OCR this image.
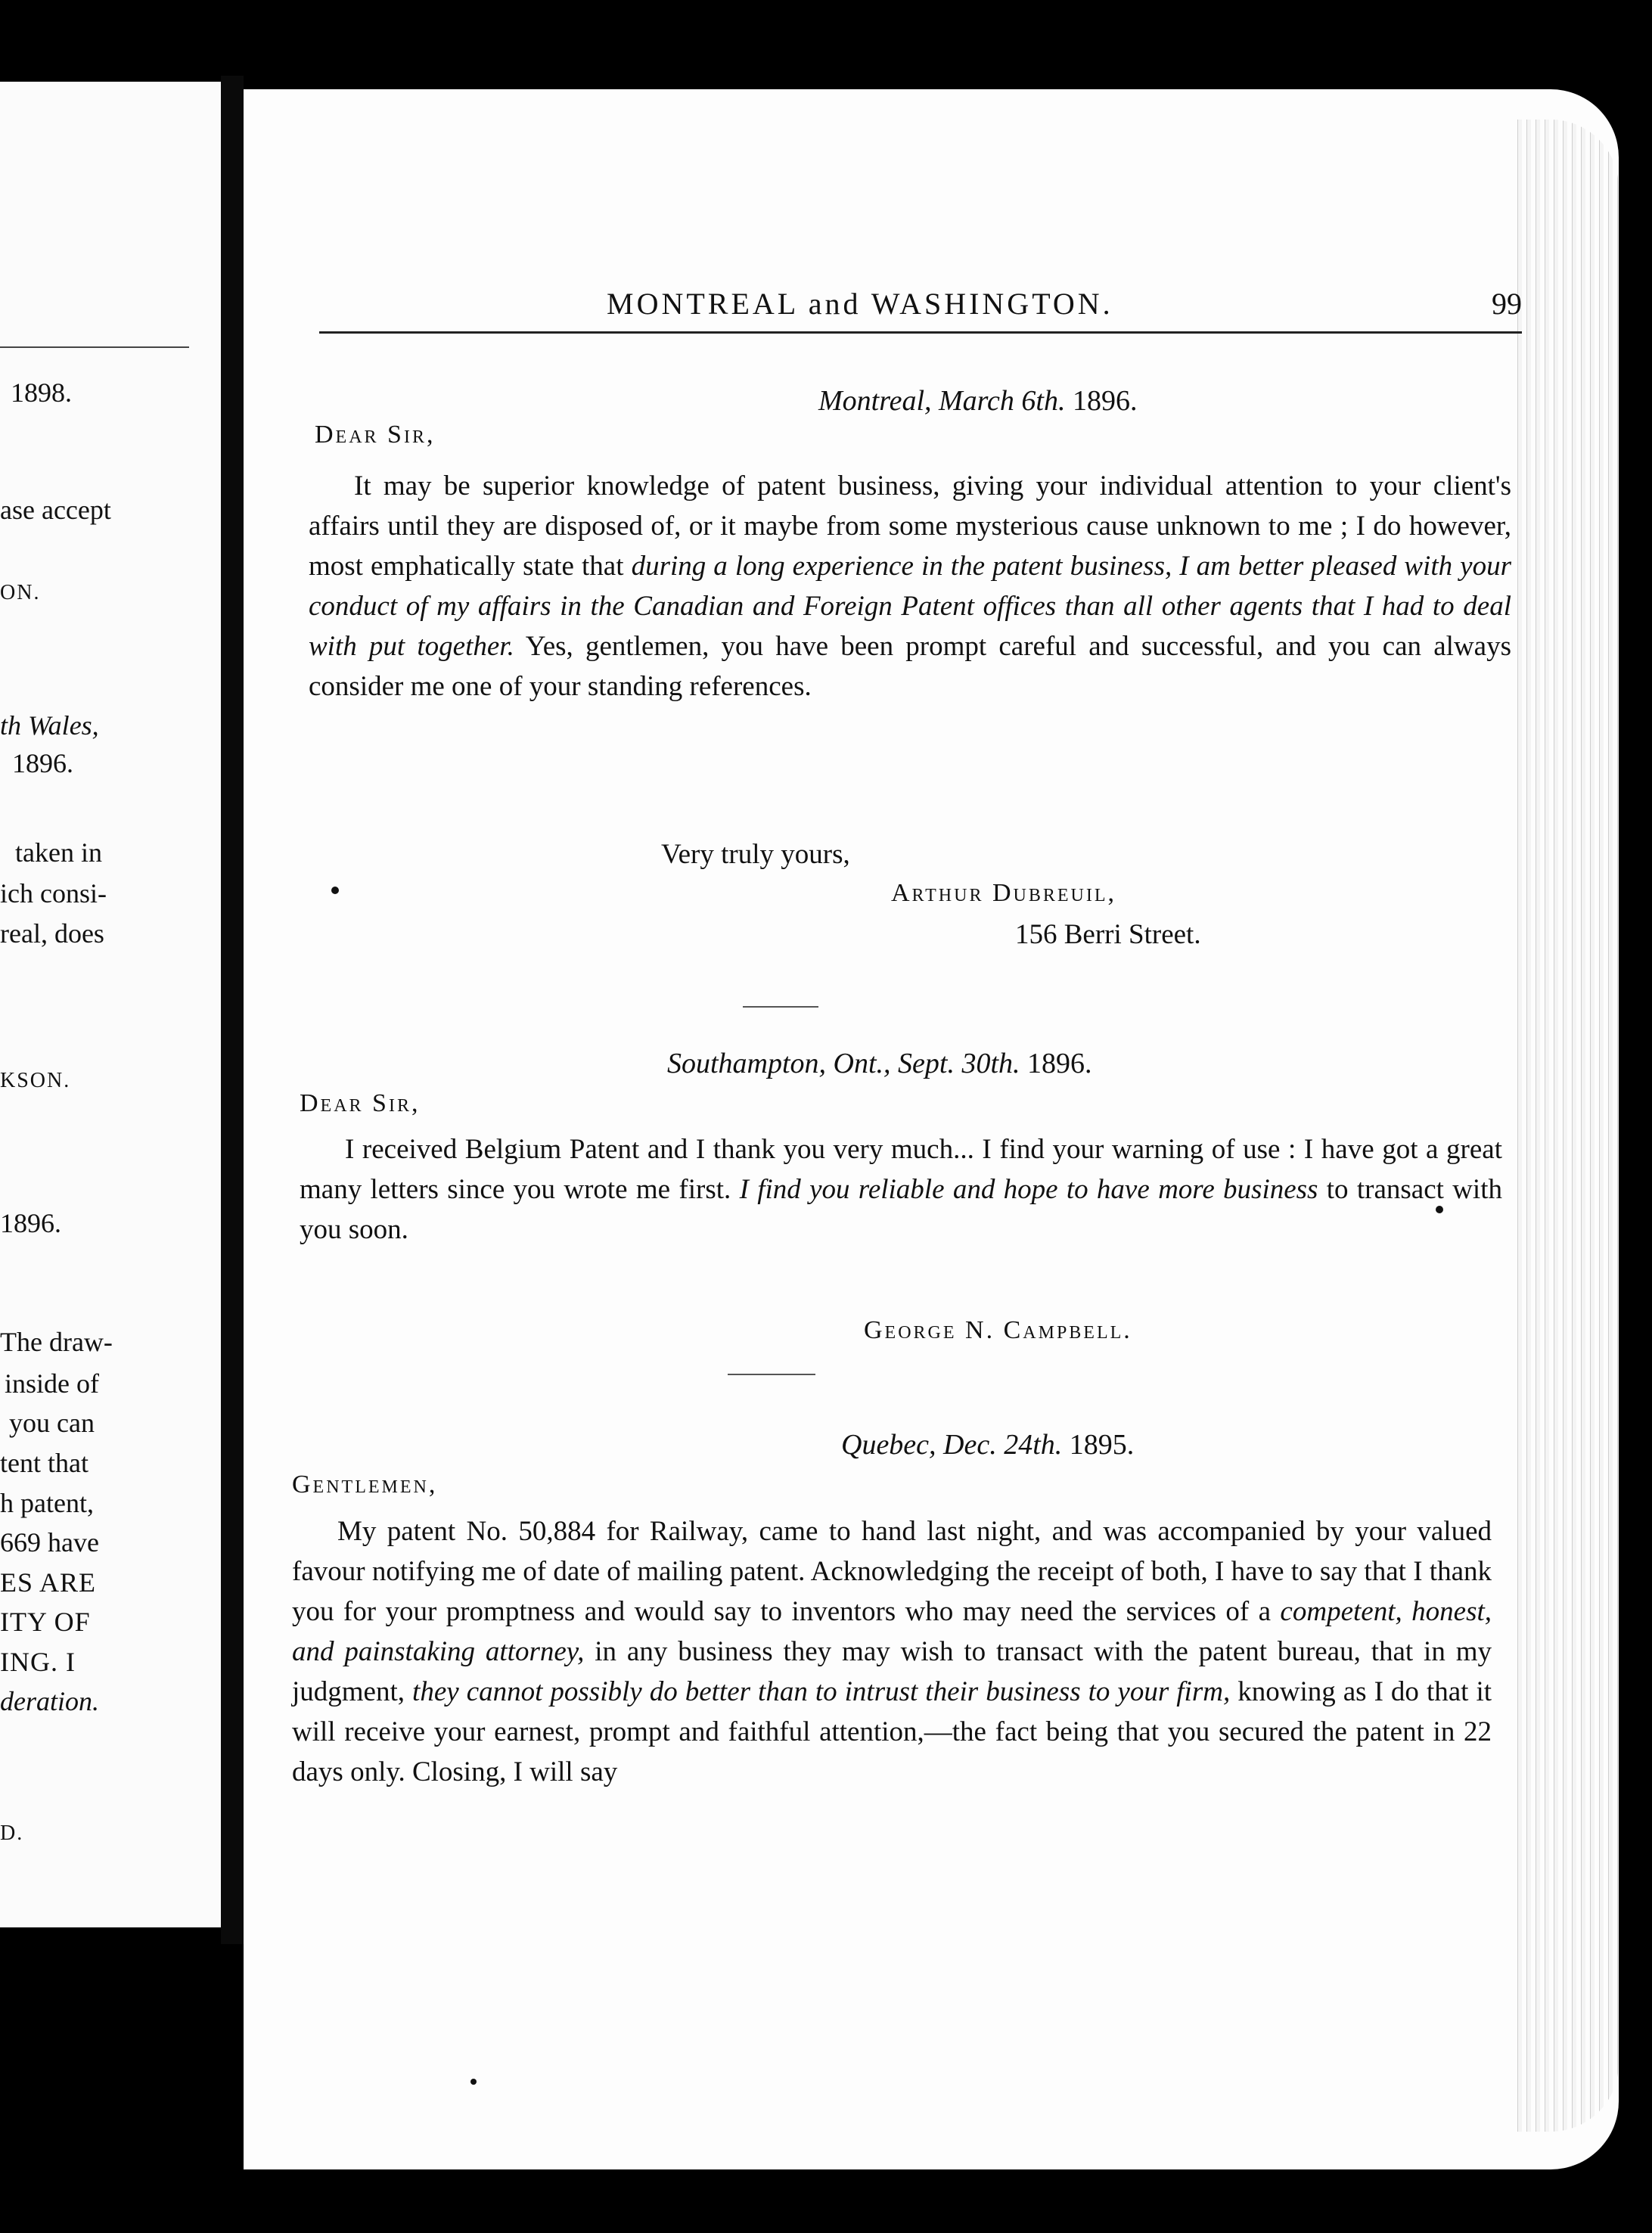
1898.
ase accept
ON.
th Wales,
1896.
taken in
ich consi-
real, does
KSON.
1896.
The draw-
inside of
you can
tent that
h patent,
669 have
ES ARE
ITY OF
ING. I
deration.
D.
MONTREAL and WASHINGTON.	99
Montreal, March 6th. 1896.
Dear Sir,
It may be superior knowledge of patent business, giving your individual attention to your client's affairs until they are disposed of, or it maybe from some mysterious cause unknown to me ; I do however, most emphatically state that during a long experience in the patent business, I am better pleased with your conduct of my affairs in the Canadian and Foreign Patent offices than all other agents that I had to deal with put together. Yes, gentlemen, you have been prompt careful and successful, and you can always consider me one of your standing references.
Very truly yours,
Arthur Dubreuil,
156 Berri Street.
Southampton, Ont., Sept. 30th. 1896.
Dear Sir,
I received Belgium Patent and I thank you very much... I find your warning of use : I have got a great many letters since you wrote me first. I find you reliable and hope to have more business to transact with you soon.
George N. Campbell.
Quebec, Dec. 24th. 1895.
Gentlemen,
My patent No. 50,884 for Railway, came to hand last night, and was accompanied by your valued favour notifying me of date of mailing patent. Acknowledging the receipt of both, I have to say that I thank you for your promptness and would say to inventors who may need the services of a competent, honest, and painstaking attorney, in any business they may wish to transact with the patent bureau, that in my judgment, they cannot possibly do better than to intrust their business to your firm, knowing as I do that it will receive your earnest, prompt and faithful attention,—the fact being that you secured the patent in 22 days only. Closing, I will say
